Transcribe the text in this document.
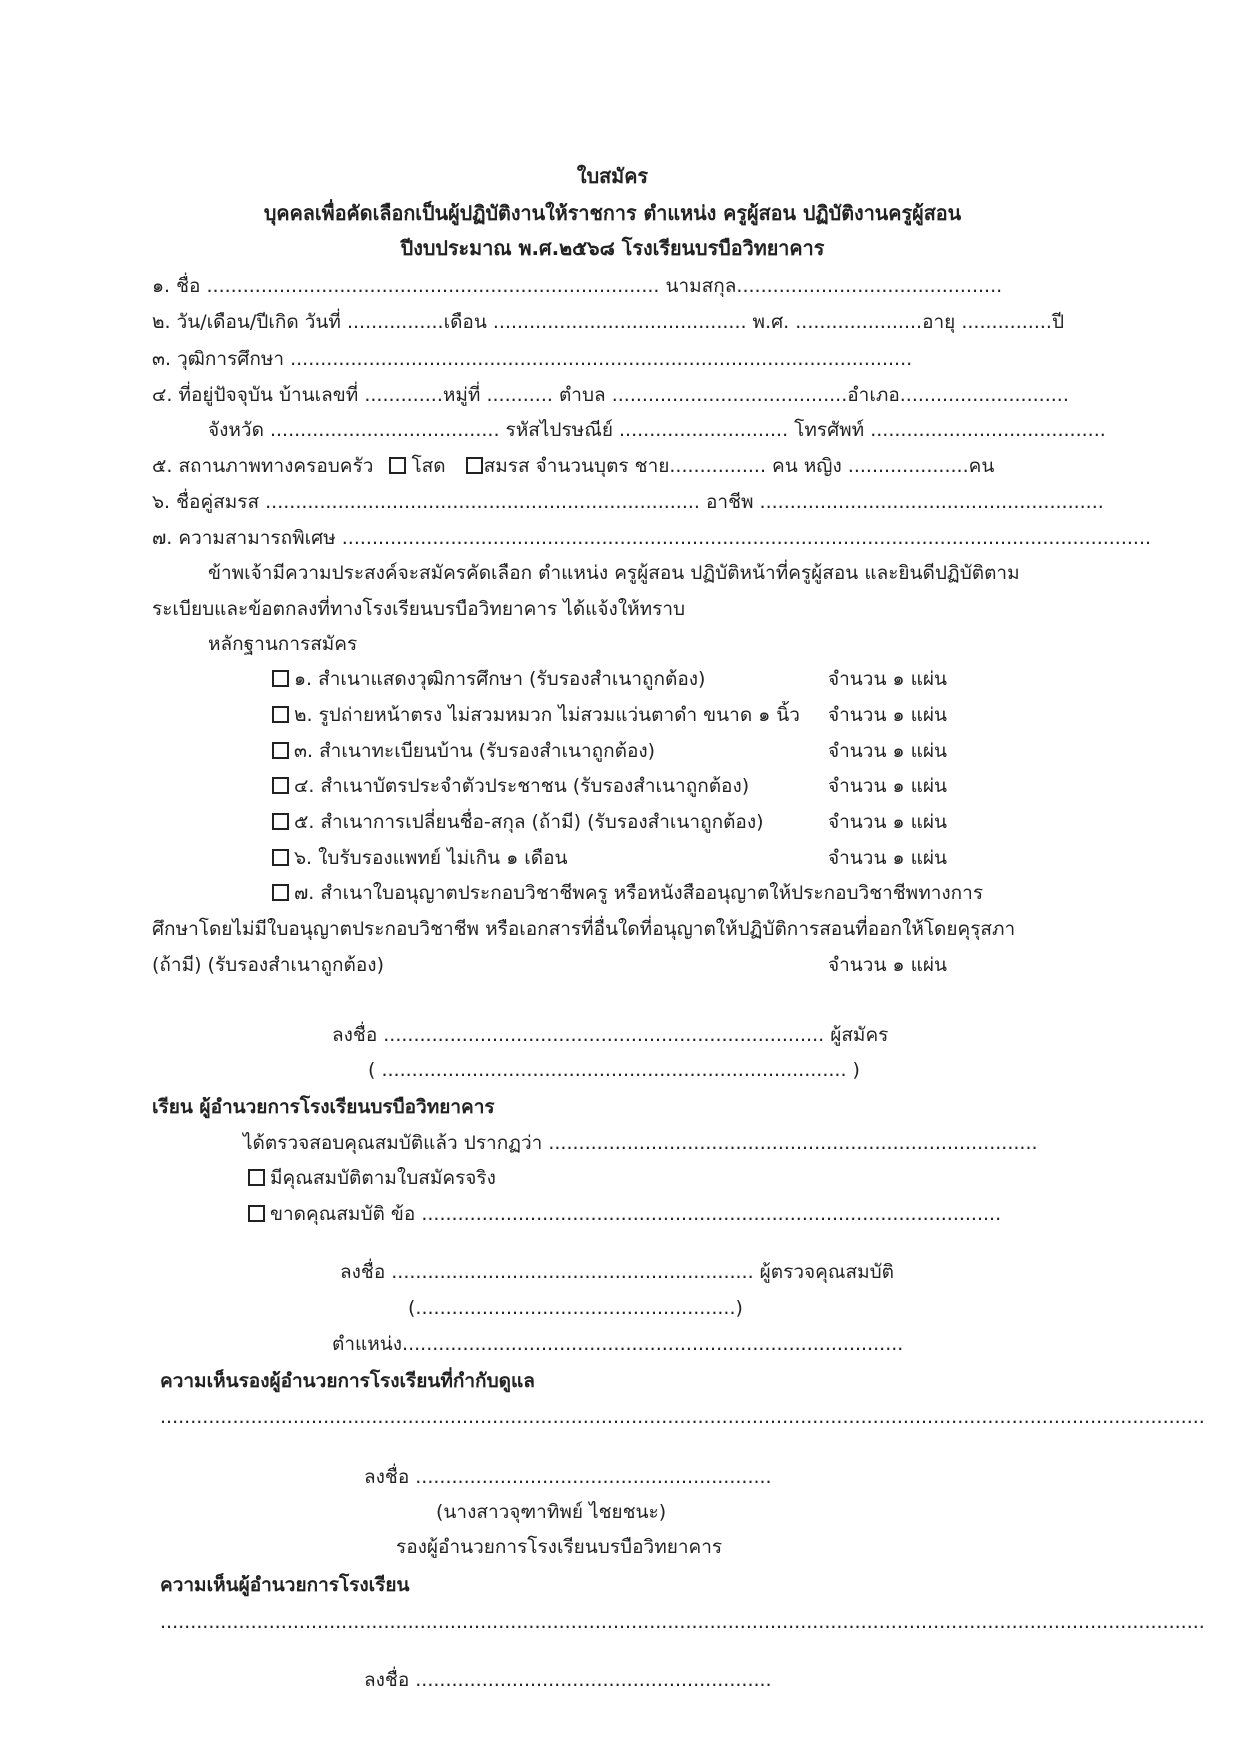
ใบสมัคร
บุคคลเพื่อคัดเลือกเป็นผู้ปฏิบัติงานให้ราชการ ตำแหน่ง ครูผู้สอน ปฏิบัติงานครูผู้สอน
ปีงบประมาณ พ.ศ.๒๕๖๘ โรงเรียนบรบือวิทยาคาร
๑. ชื่อ ........................................................................... นามสกุล............................................
๒. วัน/เดือน/ปีเกิด วันที่ ................เดือน .......................................... พ.ศ. .....................อายุ ...............ปี
๓. วุฒิการศึกษา .......................................................................................................
๔. ที่อยู่ปัจจุบัน บ้านเลขที่ .............หมู่ที่ ........... ตำบล .......................................อำเภอ............................
จังหวัด ...................................... รหัสไปรษณีย์ ............................ โทรศัพท์ .......................................
๕. สถานภาพทางครอบครัว โสด สมรส จำนวนบุตร ชาย................ คน หญิง ....................คน
๖. ชื่อคู่สมรส ........................................................................ อาชีพ .........................................................
๗. ความสามารถพิเศษ ......................................................................................................................................
ข้าพเจ้ามีความประสงค์จะสมัครคัดเลือก ตำแหน่ง ครูผู้สอน ปฏิบัติหน้าที่ครูผู้สอน และยินดีปฏิบัติตาม
ระเบียบและข้อตกลงที่ทางโรงเรียนบรบือวิทยาคาร ได้แจ้งให้ทราบ
หลักฐานการสมัคร
๑. สำเนาแสดงวุฒิการศึกษา (รับรองสำเนาถูกต้อง)	จำนวน ๑ แผ่น
๒. รูปถ่ายหน้าตรง ไม่สวมหมวก ไม่สวมแว่นตาดำ ขนาด ๑ นิ้ว จำนวน ๑ แผ่น
๓. สำเนาทะเบียนบ้าน (รับรองสำเนาถูกต้อง)	จำนวน ๑ แผ่น
๔. สำเนาบัตรประจำตัวประชาชน (รับรองสำเนาถูกต้อง)	จำนวน ๑ แผ่น
๕. สำเนาการเปลี่ยนชื่อ-สกุล (ถ้ามี) (รับรองสำเนาถูกต้อง)	จำนวน ๑ แผ่น
๖. ใบรับรองแพทย์ ไม่เกิน ๑ เดือน	จำนวน ๑ แผ่น
๗. สำเนาใบอนุญาตประกอบวิชาชีพครู หรือหนังสืออนุญาตให้ประกอบวิชาชีพทางการ
ศึกษาโดยไม่มีใบอนุญาตประกอบวิชาชีพ หรือเอกสารที่อื่นใดที่อนุญาตให้ปฏิบัติการสอนที่ออกให้โดยคุรุสภา
(ถ้ามี) (รับรองสำเนาถูกต้อง)	จำนวน ๑ แผ่น
ลงชื่อ ......................................................................... ผู้สมัคร
( ............................................................................. )
เรียน ผู้อำนวยการโรงเรียนบรบือวิทยาคาร
ได้ตรวจสอบคุณสมบัติแล้ว ปรากฏว่า .................................................................................
มีคุณสมบัติตามใบสมัครจริง
ขาดคุณสมบัติ ข้อ ................................................................................................
ลงชื่อ ............................................................ ผู้ตรวจคุณสมบัติ
(.....................................................)
ตำแหน่ง...................................................................................
ความเห็นรองผู้อำนวยการโรงเรียนที่กำกับดูแล
.............................................................................................................................................................................
ลงชื่อ ...........................................................
(นางสาวจุฑาทิพย์ ไชยชนะ)
รองผู้อำนวยการโรงเรียนบรบือวิทยาคาร
ความเห็นผู้อำนวยการโรงเรียน
.............................................................................................................................................................................
ลงชื่อ ...........................................................
